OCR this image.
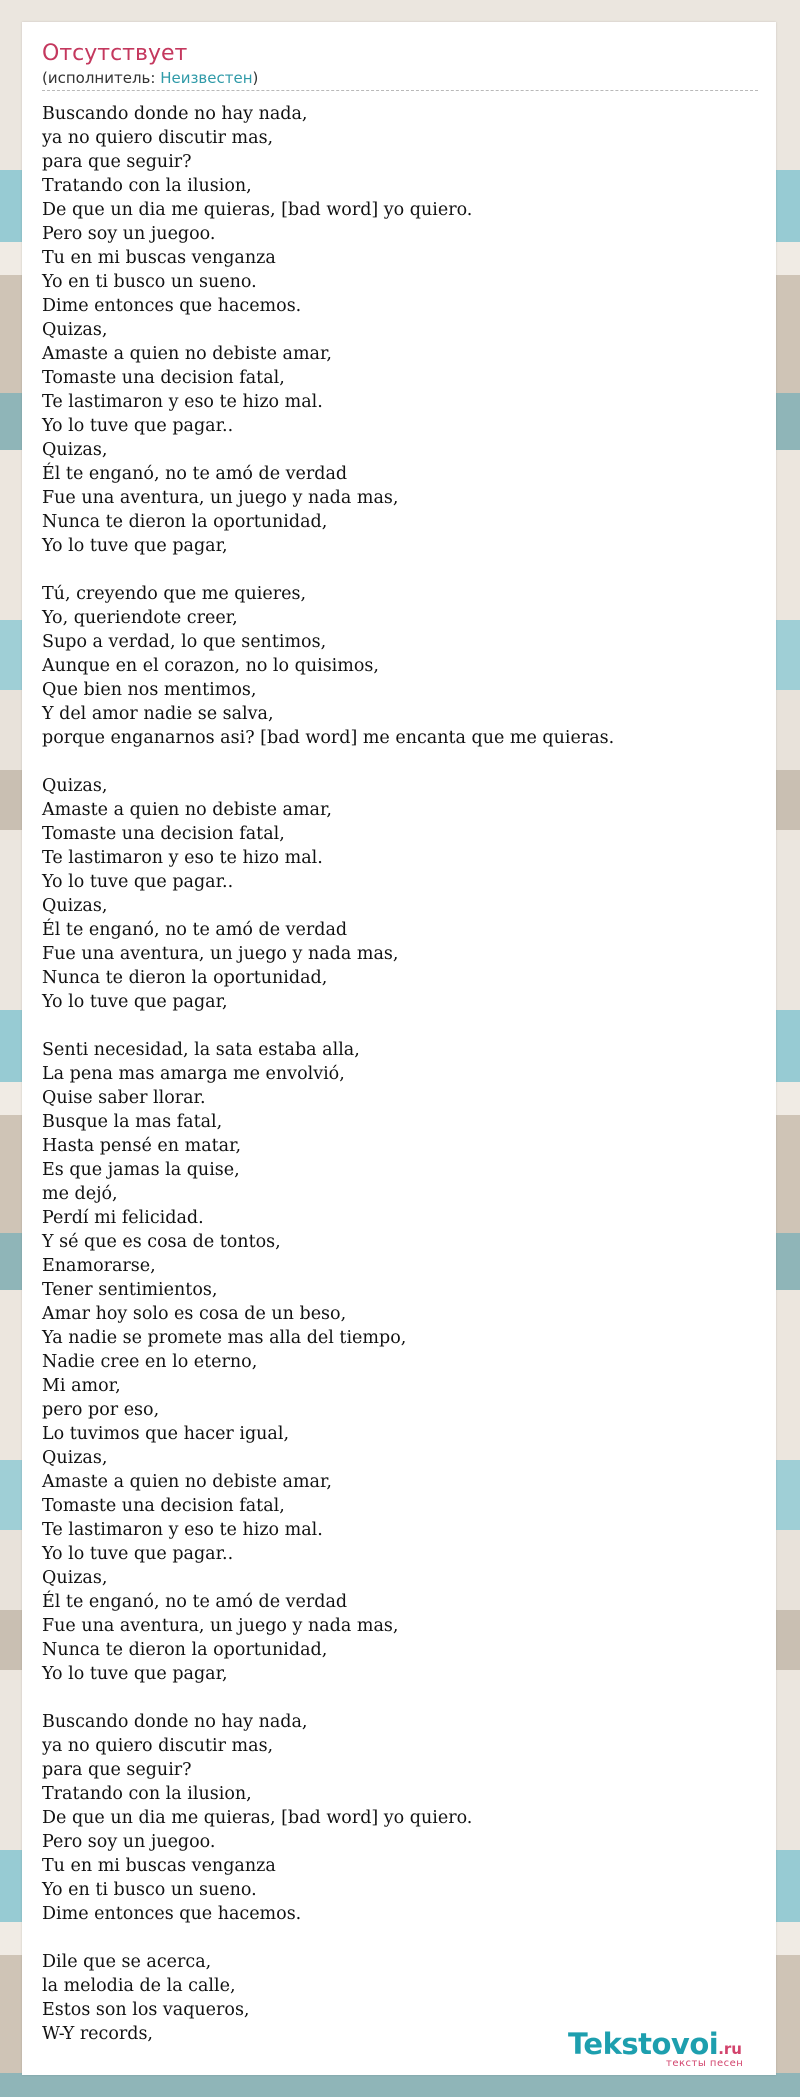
Отсутствует
(исполнитель: Неизвестен)
Buscando donde no hay nada,
ya no quiero discutir mas,
para que seguir?
Tratando con la ilusion,
De que un dia me quieras, [bad word] yo quiero.
Pero soy un juegoo.
Tu en mi buscas venganza
Yo en ti busco un sueno.
Dime entonces que hacemos.
Quizas,
Amaste a quien no debiste amar,
Tomaste una decision fatal,
Te lastimaron y eso te hizo mal.
Yo lo tuve que pagar..
Quizas,
Él te enganó, no te amó de verdad
Fue una aventura, un juego y nada mas,
Nunca te dieron la oportunidad,
Yo lo tuve que pagar,
Tú, creyendo que me quieres,
Yo, queriendote creer,
Supo a verdad, lo que sentimos,
Aunque en el corazon, no lo quisimos,
Que bien nos mentimos,
Y del amor nadie se salva,
porque enganarnos asi? [bad word] me encanta que me quieras.
Quizas,
Amaste a quien no debiste amar,
Tomaste una decision fatal,
Te lastimaron y eso te hizo mal.
Yo lo tuve que pagar..
Quizas,
Él te enganó, no te amó de verdad
Fue una aventura, un juego y nada mas,
Nunca te dieron la oportunidad,
Yo lo tuve que pagar,
Senti necesidad, la sata estaba alla,
La pena mas amarga me envolvió,
Quise saber llorar.
Busque la mas fatal,
Hasta pensé en matar,
Es que jamas la quise,
me dejó,
Perdí mi felicidad.
Y sé que es cosa de tontos,
Enamorarse,
Tener sentimientos,
Amar hoy solo es cosa de un beso,
Ya nadie se promete mas alla del tiempo,
Nadie cree en lo eterno,
Mi amor,
pero por eso,
Lo tuvimos que hacer igual,
Quizas,
Amaste a quien no debiste amar,
Tomaste una decision fatal,
Te lastimaron y eso te hizo mal.
Yo lo tuve que pagar..
Quizas,
Él te enganó, no te amó de verdad
Fue una aventura, un juego y nada mas,
Nunca te dieron la oportunidad,
Yo lo tuve que pagar,
Buscando donde no hay nada,
ya no quiero discutir mas,
para que seguir?
Tratando con la ilusion,
De que un dia me quieras, [bad word] yo quiero.
Pero soy un juegoo.
Tu en mi buscas venganza
Yo en ti busco un sueno.
Dime entonces que hacemos.
Dile que se acerca,
la melodia de la calle,
Estos son los vaqueros,
W-Y records,	Tekstovoi.ru
тексты песен
